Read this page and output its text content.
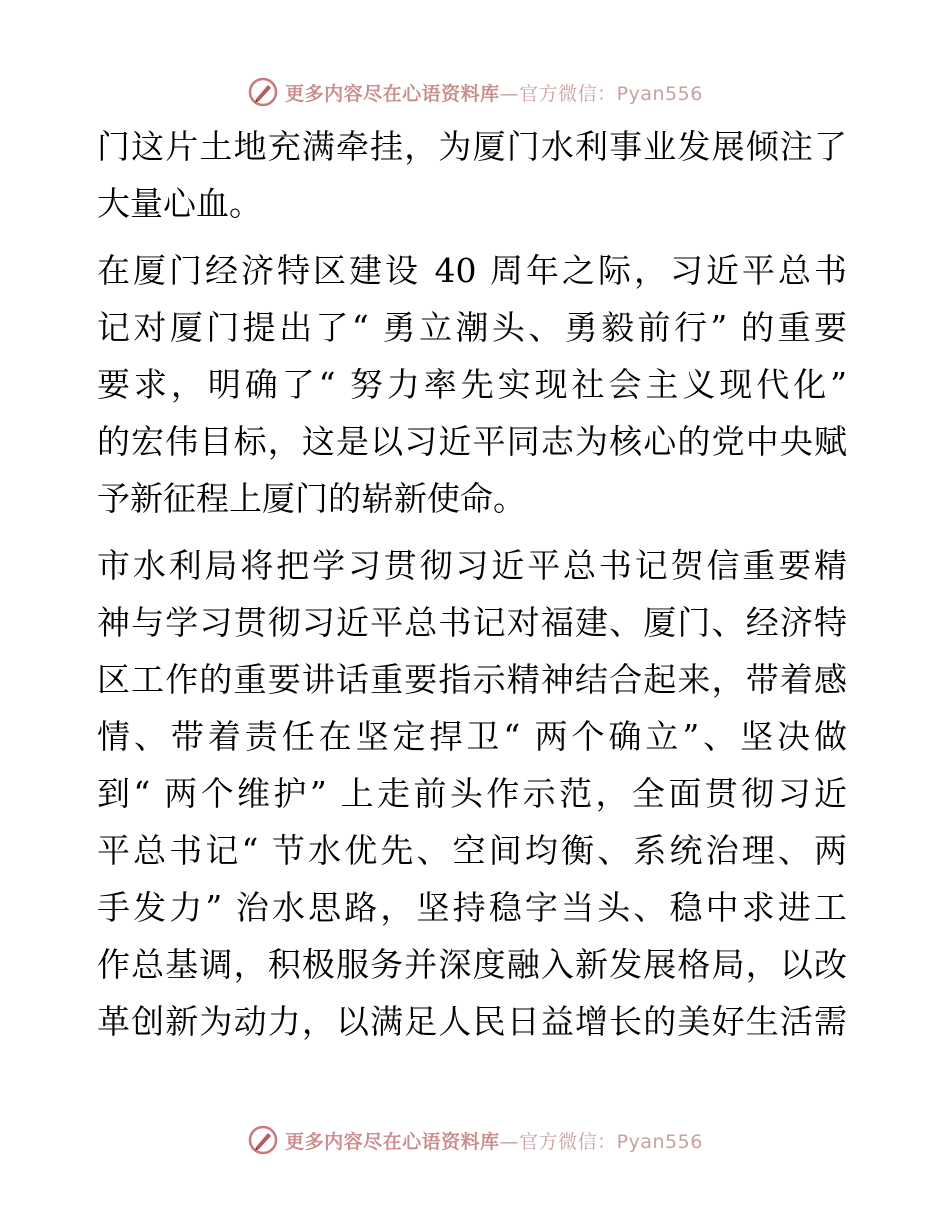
更多内容尽在心语资料库—官方微信：Pyan556
门这片土地充满牵挂，为厦门水利事业发展倾注了
大量心血。
在厦门经济特区建设 40 周年之际，习近平总书
记对厦门提出了“ 勇立潮头、勇毅前行” 的重要
要求，明确了“ 努力率先实现社会主义现代化”
的宏伟目标，这是以习近平同志为核心的党中央赋
予新征程上厦门的崭新使命。
市水利局将把学习贯彻习近平总书记贺信重要精
神与学习贯彻习近平总书记对福建、厦门、经济特
区工作的重要讲话重要指示精神结合起来，带着感
情、带着责任在坚定捍卫“ 两个确立”、坚决做
到“ 两个维护” 上走前头作示范，全面贯彻习近
平总书记“ 节水优先、空间均衡、系统治理、两
手发力” 治水思路，坚持稳字当头、稳中求进工
作总基调，积极服务并深度融入新发展格局，以改
革创新为动力，以满足人民日益增长的美好生活需
更多内容尽在心语资料库—官方微信：Pyan556
